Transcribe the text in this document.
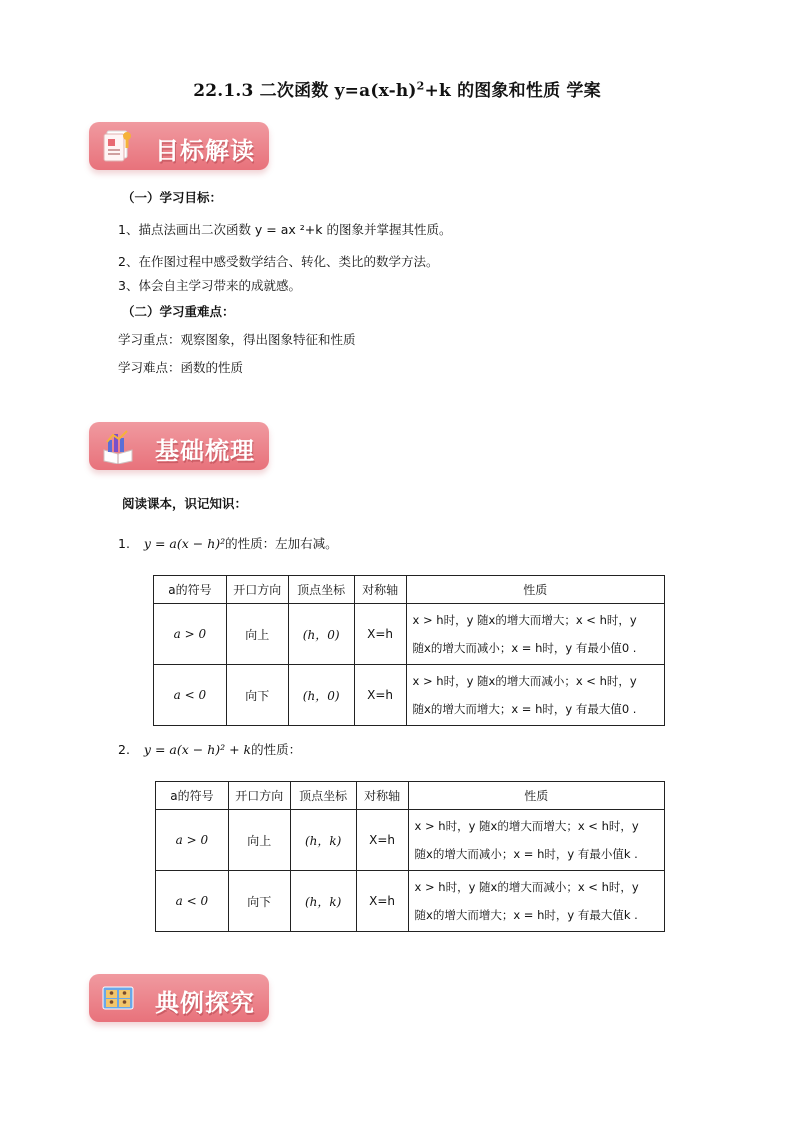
22.1.3 二次函数 $y=a(x-h)^2+k$ 的图象和性质 学案
目标解读
（一）学习目标：
1、描点法画出二次函数 y = ax ²+k 的图象并掌握其性质。
2、在作图过程中感受数学结合、转化、类比的数学方法。
3、体会自主学习带来的成就感。
（二）学习重难点：
学习重点：观察图象，得出图象特征和性质
学习难点：函数的性质
基础梳理
阅读课本，识记知识：
1. y = a(x − h)²的性质：左加右减。
a的符号	开口方向	顶点坐标	对称轴	性质
a > 0	向上	(h，0)	X=h	x > h时，y 随x的增大而增大；x < h时，y
随x的增大而减小；x = h时，y 有最小值0 .

a < 0	向下	(h，0)	X=h	x > h时，y 随x的增大而减小；x < h时，y
随x的增大而增大；x = h时，y 有最大值0 .
2. y = a(x − h)² + k的性质：
a的符号	开口方向	顶点坐标	对称轴	性质
a > 0	向上	(h，k)	X=h	x > h时，y 随x的增大而增大；x < h时，y
随x的增大而减小；x = h时，y 有最小值k .

a < 0	向下	(h，k)	X=h	x > h时，y 随x的增大而减小；x < h时，y
随x的增大而增大；x = h时，y 有最大值k .
典例探究
